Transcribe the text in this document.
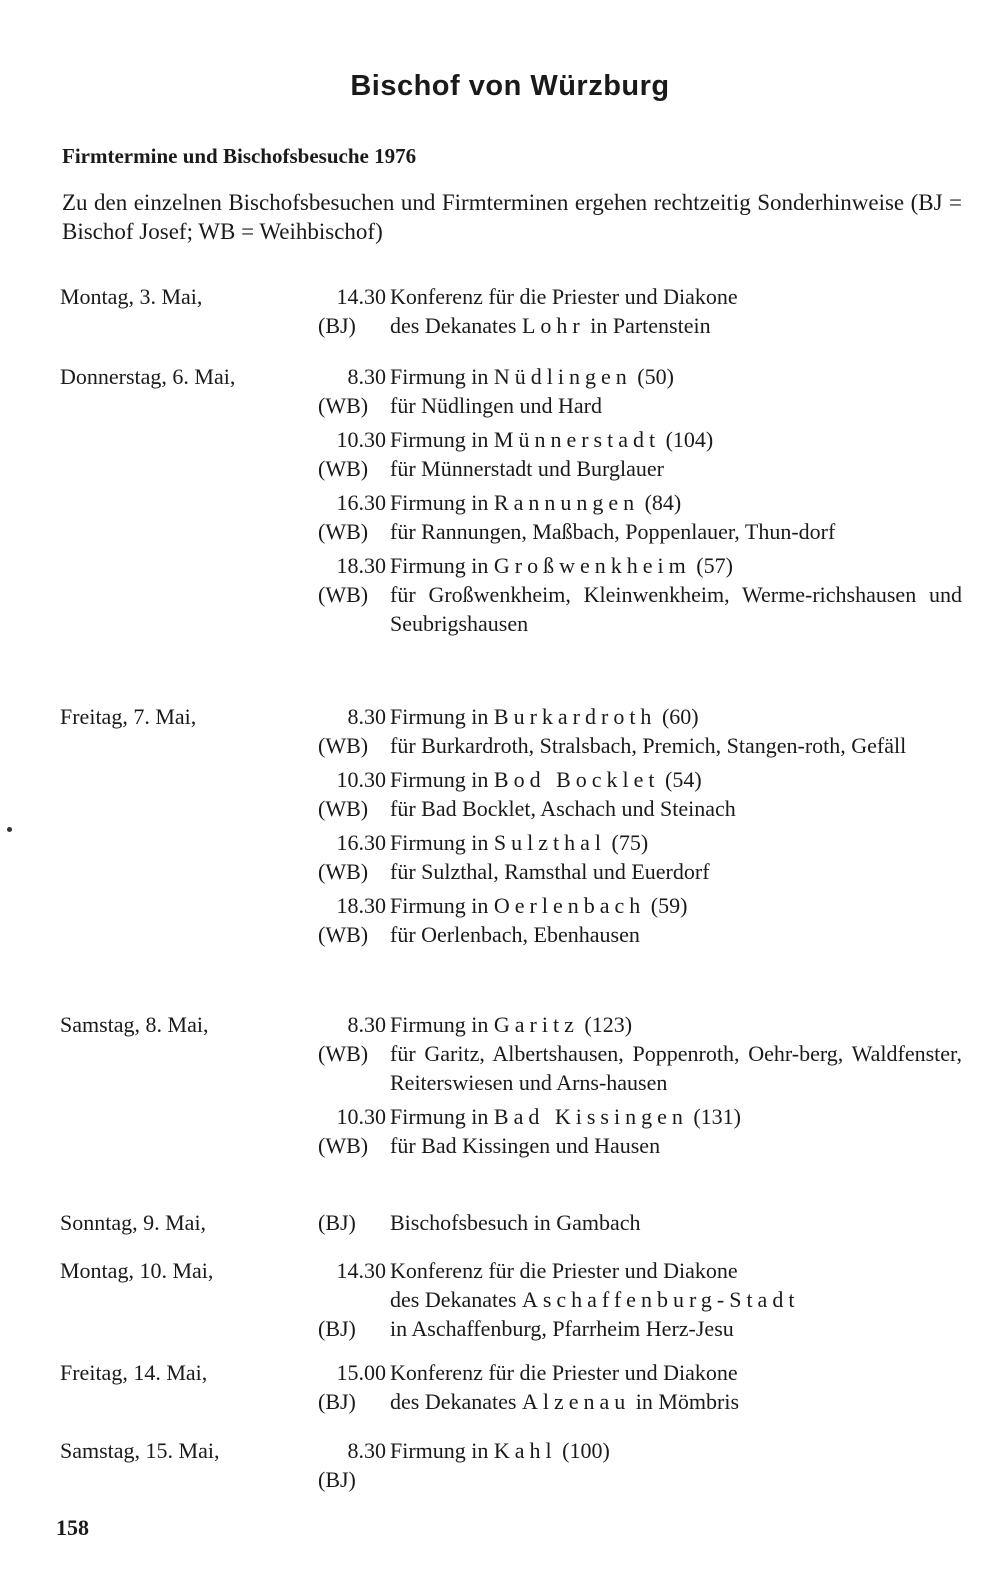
Bischof von Würzburg
Firmtermine und Bischofsbesuche 1976
Zu den einzelnen Bischofsbesuchen und Firmterminen ergehen rechtzeitig Sonderhinweise (BJ = Bischof Josef; WB = Weihbischof)
Montag, 3. Mai,	14.30 Konferenz für die Priester und Diakone
(BJ)	des Dekanates Lohr in Partenstein
Donnerstag, 6. Mai,	8.30 Firmung in Nüdlingen (50)
(WB) für Nüdlingen und Hard
10.30 Firmung in Münnerstadt (104)
(WB) für Münnerstadt und Burglauer
16.30 Firmung in Rannungen (84)
(WB) für Rannungen, Maßbach, Poppenlauer, Thun-dorf
18.30 Firmung in Großwenkheim (57)
(WB) für Großwenkheim, Kleinwenkheim, Werme-richshausen und Seubrigshausen
Freitag, 7. Mai,	8.30 Firmung in Burkardroth (60)
(WB) für Burkardroth, Stralsbach, Premich, Stangen-roth, Gefäll
10.30 Firmung in Bod Bocklet (54)
(WB) für Bad Bocklet, Aschach und Steinach
16.30 Firmung in Sulzthal (75)
(WB) für Sulzthal, Ramsthal und Euerdorf
18.30 Firmung in Oerlenbach (59)
(WB) für Oerlenbach, Ebenhausen
Samstag, 8. Mai,	8.30 Firmung in Garitz (123)
(WB) für Garitz, Albertshausen, Poppenroth, Oehr-berg, Waldfenster, Reiterswiesen und Arns-hausen
10.30 Firmung in Bad Kissingen (131)
(WB) für Bad Kissingen und Hausen
Sonntag, 9. Mai,	(BJ)	Bischofsbesuch in Gambach
Montag, 10. Mai,	14.30 Konferenz für die Priester und Diakone
des Dekanates Aschaffenburg-Stadt
(BJ)	in Aschaffenburg, Pfarrheim Herz-Jesu
Freitag, 14. Mai,	15.00 Konferenz für die Priester und Diakone
(BJ)	des Dekanates Alzenau in Mömbris
Samstag, 15. Mai,	8.30 Firmung in Kahl (100)
(BJ)
158
